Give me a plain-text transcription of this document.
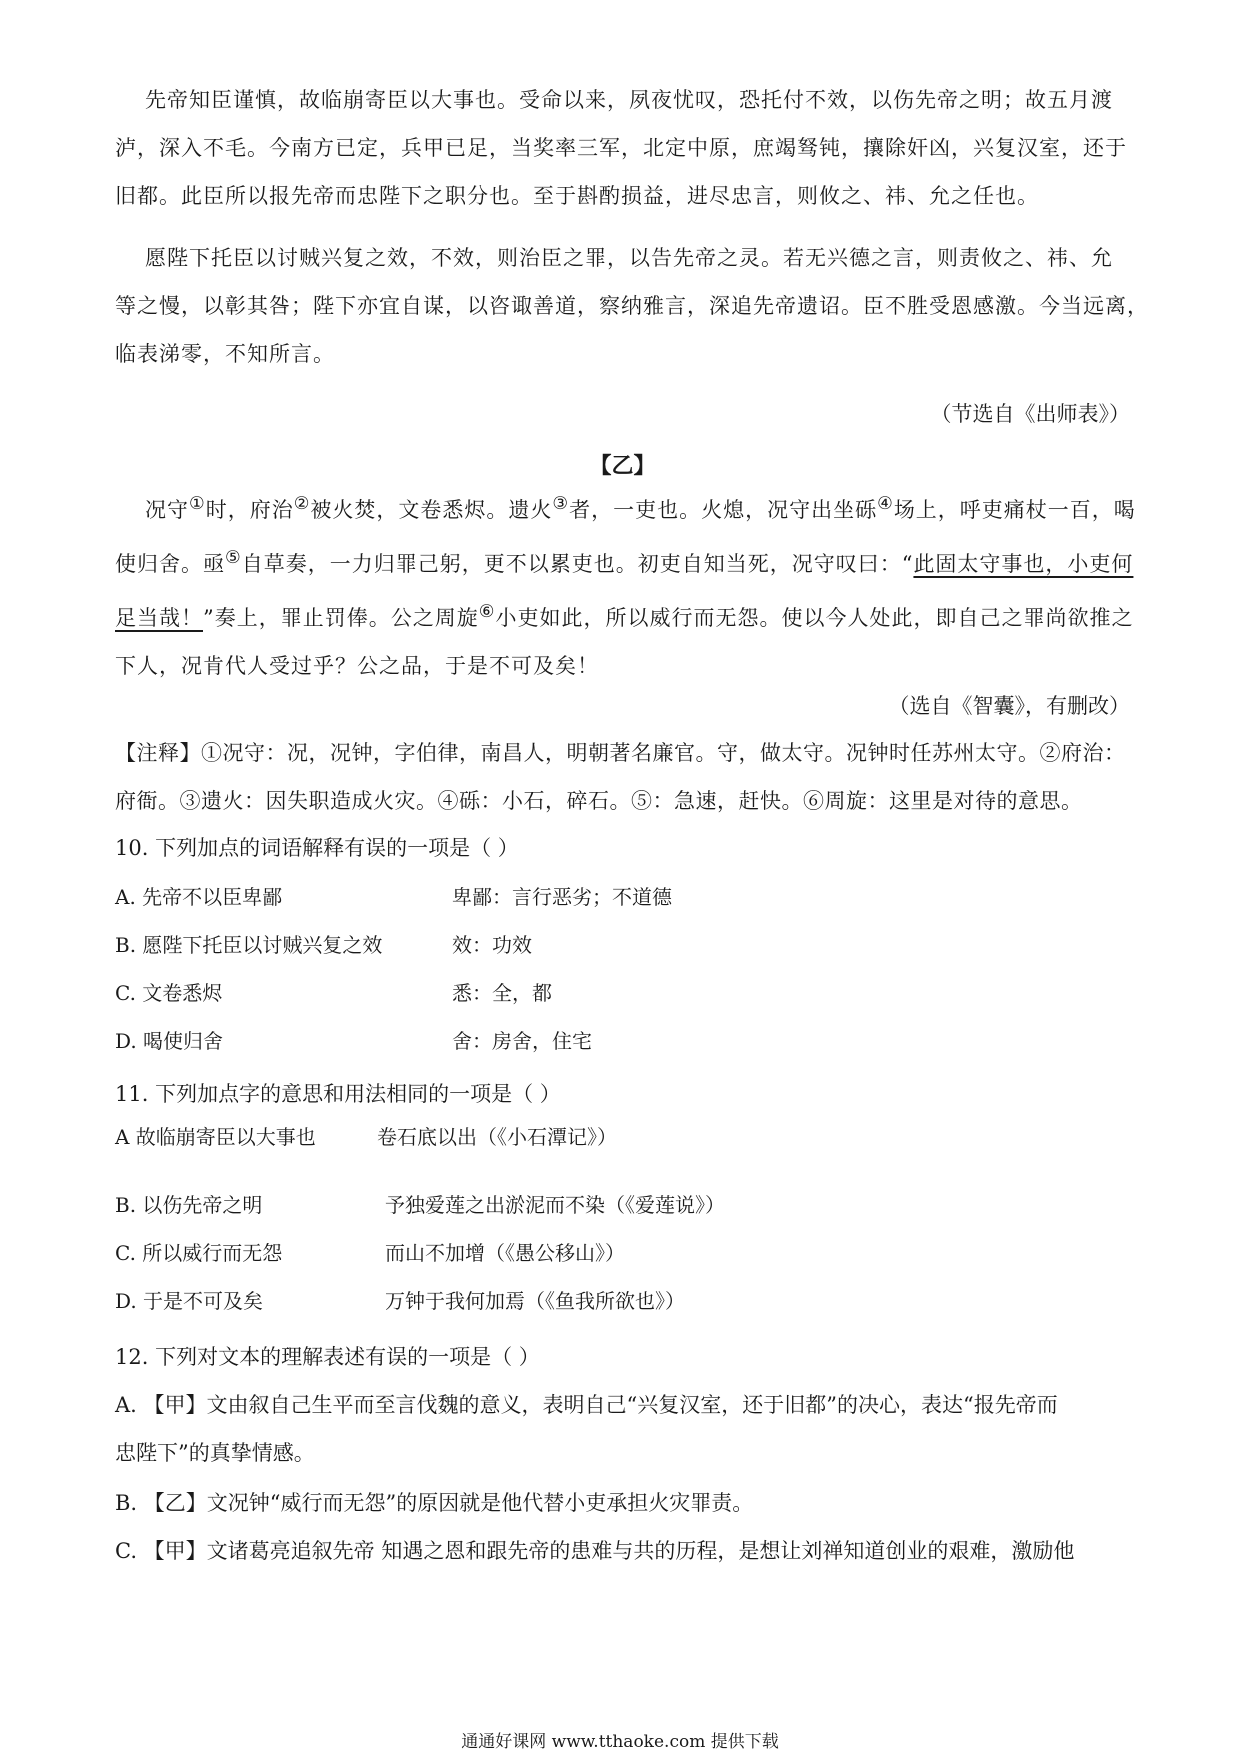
先帝知臣谨慎，故临崩寄臣以大事也。受命以来，夙夜忧叹，恐托付不效，以伤先帝之明；故五月渡
泸，深入不毛。今南方已定，兵甲已足，当奖率三军，北定中原，庶竭驽钝，攘除奸凶，兴复汉室，还于
旧都。此臣所以报先帝而忠陛下之职分也。至于斟酌损益，进尽忠言，则攸之、祎、允之任也。
愿陛下托臣以讨贼兴复之效，不效，则治臣之罪，以告先帝之灵。若无兴德之言，则责攸之、祎、允
等之慢，以彰其咎；陛下亦宜自谋，以咨诹善道，察纳雅言，深追先帝遗诏。臣不胜受恩感激。今当远离，
临表涕零，不知所言。
（节选自《出师表》）
【乙】
况守①时，府治②被火焚，文卷悉烬。遗火③者，一吏也。火熄，况守出坐砾④场上，呼吏痛杖一百，喝
使归舍。亟⑤自草奏，一力归罪己躬，更不以累吏也。初吏自知当死，况守叹曰：“此固太守事也，小吏何
足当哉！”奏上，罪止罚俸。公之周旋⑥小吏如此，所以威行而无怨。使以今人处此，即自己之罪尚欲推之
下人，况肯代人受过乎？公之品，于是不可及矣！
（选自《智囊》，有删改）
【注释】①况守：况，况钟，字伯律，南昌人，明朝著名廉官。守，做太守。况钟时任苏州太守。②府治：
府衙。③遗火：因失职造成火灾。④砾：小石，碎石。⑤：急速，赶快。⑥周旋：这里是对待的意思。
10. 下列加点的词语解释有误的一项是（ ）
A. 先帝不以臣卑鄙	卑鄙：言行恶劣；不道德
B. 愿陛下托臣以讨贼兴复之效	效：功效
C. 文卷悉烬	悉：全，都
D. 喝使归舍	舍：房舍，住宅
11. 下列加点字的意思和用法相同的一项是（ ）
A 故临崩寄臣以大事也	卷石底以出（《小石潭记》）
B. 以伤先帝之明	予独爱莲之出淤泥而不染（《爱莲说》）
C. 所以威行而无怨	而山不加增（《愚公移山》）
D. 于是不可及矣	万钟于我何加焉（《鱼我所欲也》）
12. 下列对文本的理解表述有误的一项是（ ）
A. 【甲】文由叙自己生平而至言伐魏的意义，表明自己“兴复汉室，还于旧都”的决心，表达“报先帝而
忠陛下”的真挚情感。
B. 【乙】文况钟“威行而无怨”的原因就是他代替小吏承担火灾罪责。
C. 【甲】文诸葛亮追叙先帝 知遇之恩和跟先帝的患难与共的历程，是想让刘禅知道创业的艰难，激励他
通通好课网 www.tthaoke.com 提供下载
